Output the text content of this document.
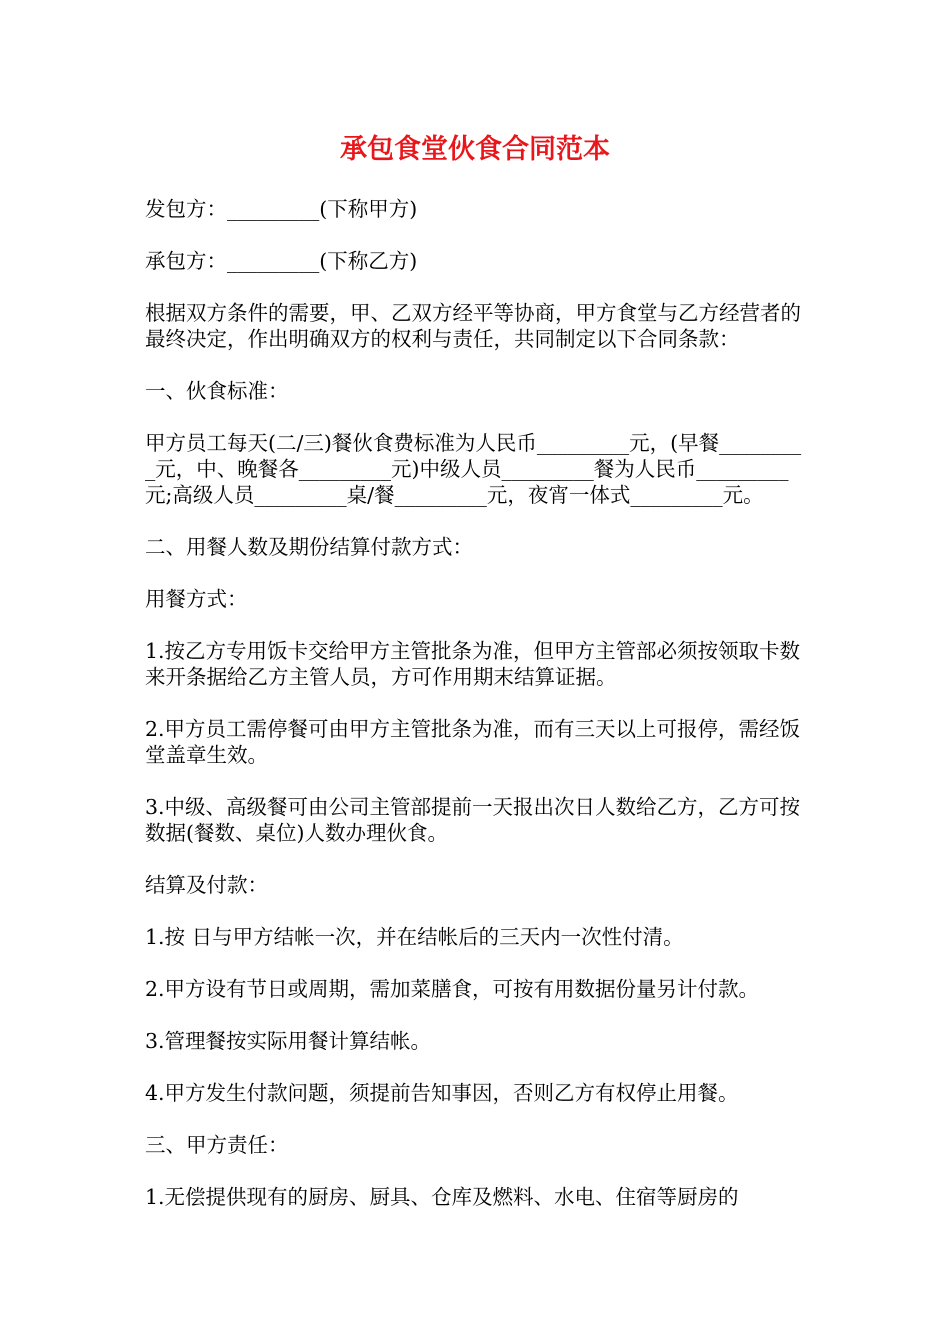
承包食堂伙食合同范本

发包方：_________(下称甲方)

承包方：_________(下称乙方)

根据双方条件的需要，甲、乙双方经平等协商，甲方食堂与乙方经营者的最终决定，作出明确双方的权利与责任，共同制定以下合同条款：

一、伙食标准：

甲方员工每天(二/三)餐伙食费标准为人民币_________元，(早餐_________元，中、晚餐各_________元)中级人员_________餐为人民币_________元;高级人员_________桌/餐_________元，夜宵一体式_________元。

二、用餐人数及期份结算付款方式：

用餐方式：

1.按乙方专用饭卡交给甲方主管批条为准，但甲方主管部必须按领取卡数来开条据给乙方主管人员，方可作用期末结算证据。

2.甲方员工需停餐可由甲方主管批条为准，而有三天以上可报停，需经饭堂盖章生效。

3.中级、高级餐可由公司主管部提前一天报出次日人数给乙方，乙方可按数据(餐数、桌位)人数办理伙食。

结算及付款：

1.按 日与甲方结帐一次，并在结帐后的三天内一次性付清。

2.甲方设有节日或周期，需加菜膳食，可按有用数据份量另计付款。

3.管理餐按实际用餐计算结帐。

4.甲方发生付款问题，须提前告知事因，否则乙方有权停止用餐。

三、甲方责任：

1.无偿提供现有的厨房、厨具、仓库及燃料、水电、住宿等厨房的
